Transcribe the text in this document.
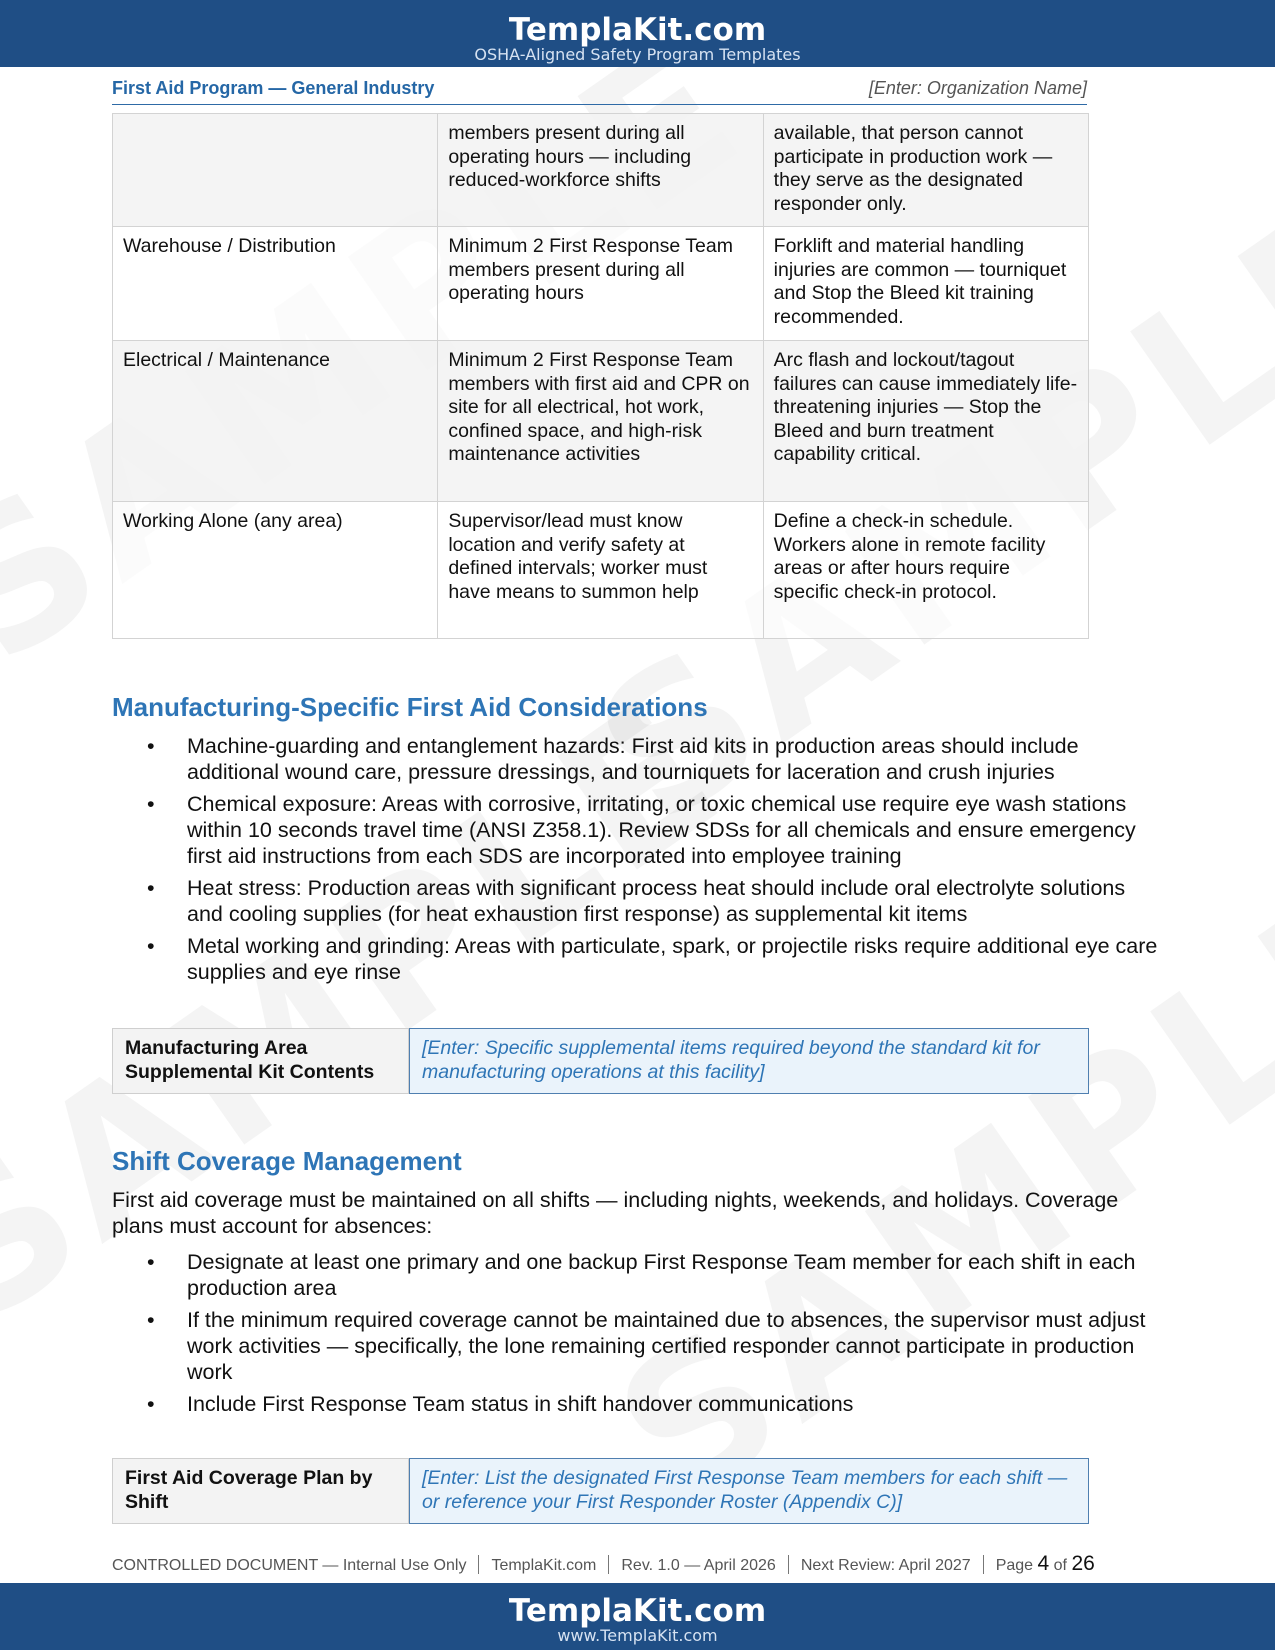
TemplaKit.com
OSHA-Aligned Safety Program Templates
First Aid Program — General Industry	[Enter: Organization Name]
	members present during all operating hours — including reduced-workforce shifts	available, that person cannot participate in production work — they serve as the designated responder only.
Warehouse / Distribution	Minimum 2 First Response Team members present during all operating hours	Forklift and material handling injuries are common — tourniquet and Stop the Bleed kit training recommended.
Electrical / Maintenance	Minimum 2 First Response Team members with first aid and CPR on site for all electrical, hot work, confined space, and high-risk maintenance activities	Arc flash and lockout/tagout failures can cause immediately life-threatening injuries — Stop the Bleed and burn treatment capability critical.
Working Alone (any area)	Supervisor/lead must know location and verify safety at defined intervals; worker must have means to summon help	Define a check-in schedule. Workers alone in remote facility areas or after hours require specific check-in protocol.
Manufacturing-Specific First Aid Considerations
• Machine-guarding and entanglement hazards: First aid kits in production areas should include additional wound care, pressure dressings, and tourniquets for laceration and crush injuries
• Chemical exposure: Areas with corrosive, irritating, or toxic chemical use require eye wash stations within 10 seconds travel time (ANSI Z358.1). Review SDSs for all chemicals and ensure emergency first aid instructions from each SDS are incorporated into employee training
• Heat stress: Production areas with significant process heat should include oral electrolyte solutions and cooling supplies (for heat exhaustion first response) as supplemental kit items
• Metal working and grinding: Areas with particulate, spark, or projectile risks require additional eye care supplies and eye rinse
Manufacturing Area Supplemental Kit Contents
[Enter: Specific supplemental items required beyond the standard kit for manufacturing operations at this facility]
Shift Coverage Management
First aid coverage must be maintained on all shifts — including nights, weekends, and holidays. Coverage plans must account for absences:
• Designate at least one primary and one backup First Response Team member for each shift in each production area
• If the minimum required coverage cannot be maintained due to absences, the supervisor must adjust work activities — specifically, the lone remaining certified responder cannot participate in production work
• Include First Response Team status in shift handover communications
First Aid Coverage Plan by Shift
[Enter: List the designated First Response Team members for each shift — or reference your First Responder Roster (Appendix C)]
CONTROLLED DOCUMENT — Internal Use Only TemplaKit.com Rev. 1.0 — April 2026 Next Review: April 2027 Page 4 of 26
TemplaKit.com
www.TemplaKit.com
